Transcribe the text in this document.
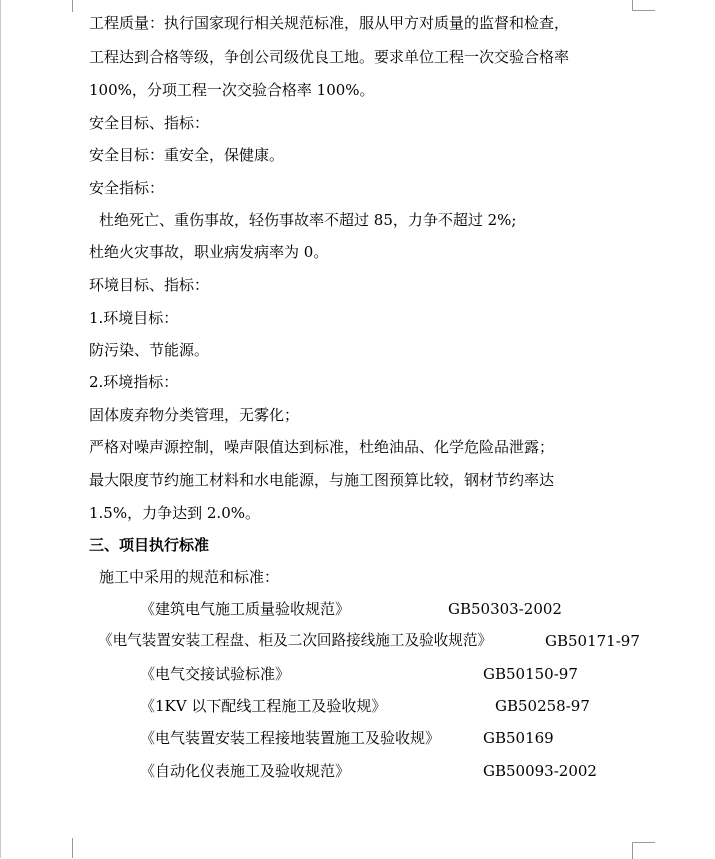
工程质量：执行国家现行相关规范标准，服从甲方对质量的监督和检查，
工程达到合格等级，争创公司级优良工地。要求单位工程一次交验合格率
100%，分项工程一次交验合格率 100%。
安全目标、指标：
安全目标：重安全，保健康。
安全指标：
杜绝死亡、重伤事故，轻伤事故率不超过 85，力争不超过 2%;
杜绝火灾事故，职业病发病率为 0。
环境目标、指标：
1.环境目标：
防污染、节能源。
2.环境指标：
固体废弃物分类管理，无雾化；
严格对噪声源控制，噪声限值达到标准，杜绝油品、化学危险品泄露；
最大限度节约施工材料和水电能源，与施工图预算比较，钢材节约率达
1.5%，力争达到 2.0%。
三、项目执行标准
施工中采用的规范和标准：
《建筑电气施工质量验收规范》	GB50303-2002
《电气装置安装工程盘、柜及二次回路接线施工及验收规范》	GB50171-97
《电气交接试验标准》	GB50150-97
《1KV 以下配线工程施工及验收规》	GB50258-97
《电气装置安装工程接地装置施工及验收规》	GB50169
《自动化仪表施工及验收规范》	GB50093-2002
